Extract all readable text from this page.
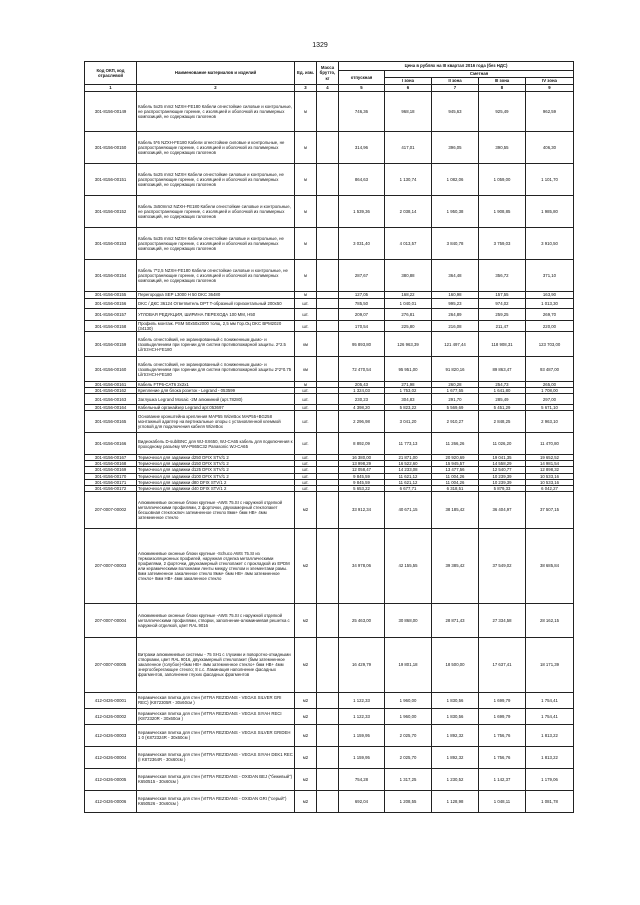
1329
Код ОКП, код отраслевой	Наименование материалов и изделий	Ед. изм.	Масса брутто, кг	Цена в рублях на III квартал 2016 года (без НДС)				
				отпускная	Сметная			
					I зона	II зона	III зона	IV зона
1	2	3	4	5	6	7	8	9
301-8156-00149	Кабель 5x25 mm2 NZXH-FE180 Кабели огнестойкие силовые и контрольные, не распространяющие горение, с изоляцией и оболочкой из полимерных композиций, не содержащих галогенов	м		746,36	968,18	945,63	925,49	962,59
301-8156-00150	Кабель 5*6 NZXH-FE180 Кабели огнестойкие силовые и контрольные, не распространяющие горение, с изоляцией и оболочкой из полимерных композиций, не содержащих галогенов	м		314,96	417,01	396,05	390,55	406,30
301-8156-00151	Кабель 5x25 mm2 NZXH Кабели огнестойкие силовые и контрольные, не распространяющие горение, с изоляцией и оболочкой из полимерных композиций, не содержащих галогенов	м		864,63	1 130,74	1 082,06	1 059,00	1 101,70
301-8156-00152	Кабель 3x50mm2 NZXH-FE180 Кабели огнестойкие силовые и контрольные, не распространяющие горение, с изоляцией и оболочкой из полимерных композиций, не содержащих галогенов	м		1 539,36	2 038,14	1 950,38	1 908,85	1 985,80
301-8156-00153	Кабель 5x35 mm2 NZXH Кабели огнестойкие силовые и контрольные, не распространяющие горение, с изоляцией и оболочкой из полимерных композиций, не содержащих галогенов	м		3 031,40	4 013,57	3 840,78	3 759,03	3 910,50
301-8156-00154	Кабель 7*2,5 NZXH-FE180 Кабели огнестойкие силовые и контрольные, не распространяющие горение, с изоляцией и оболочкой из полимерных композиций, не содержащих галогенов	м		287,67	380,88	364,48	356,72	371,10
301-8156-00155	Перегородка SEP L3000 H 50 DKC 36480	м		127,05	168,22	160,98	157,55	163,90
301-8156-00156	DKC / ДКС 36124 Ответвитель DPT T-образный горизонтальный 200x50	шт.		785,50	1 040,01	995,23	974,02	1 013,30
301-8156-00157	УГЛОВАЯ РЕДУКЦИЯ, ШИРИНА ПЕРЕХОДА 100 MM, H50	шт.		209,07	276,81	264,89	259,25	269,70
301-8156-00158	Профиль монтаж. PSM 50x50x2000 толщ. 2,5 мм Гор.Оц DKC BPM2020 (34130)	шт.		170,54	225,80	216,08	211,47	220,00
301-8156-00159	Кабель огнестойкий, не экранированный с пониженным дымо- и газовыделением при горении для систем противопожарной защиты. 2*2.5 LilrtrzHCH-FE180	км		95 893,80	126 963,39	121 497,44	118 908,31	123 703,00
301-8156-00160	Кабель огнестойкий, не экранированный с пониженным дымо- и газовыделением при горении для систем противопожарной защиты 2*2*0.75 LilrtrzHCH-FE180	км		72 470,54	95 951,00	91 820,16	89 863,47	93 487,00
301-8156-00161	Кабель FTP6-CAT6 2x2x1	м		205,43	271,98	260,28	254,73	265,00
301-8156-00162	Крепление для блока розеток - Legrand - 053599	шт.		1 324,03	1 753,02	1 677,55	1 641,80	1 708,00
301-8156-00163	Заглушка Legrand Mosaic -2М алюминий (арт.78280)	шт.		230,23	304,83	291,70	285,49	297,00
301-8156-00164	Кабельный органайзер Legrand арт.053697	шт.		4 398,20	5 823,22	5 569,69	5 451,29	5 671,10
301-8156-00165	Основание кронштейна крепления MAP55 WizeBox MAP55+BG258 монтажный адаптер на вертикальные опоры с установленной клеммой угловой для подключения кабеля WizeBox	шт.		2 296,98	3 041,20	2 910,27	2 848,25	2 963,10
301-8156-00166	Видеокабель D-sub/BNC для WJ-SX650, WJ-CA65 кабель для подключения к проходному разъёму WV-P865C32 Panasonic WJ-CA65	шт.		8 892,09	11 773,13	11 266,26	11 026,20	11 470,80
301-8156-00167	Термочехол для задвижки d250 DFIX STV/1 2	шт.		16 380,00	21 871,00	20 920,69	19 041,35	19 652,52
301-8156-00168	Термочехол для задвижки d150 DFIX STV/1 2	шт.		13 998,29	16 522,60	15 945,57	14 558,29	14 981,54
301-8156-00169	Термочехол для задвижки d125 DFIX STV/1 2	шт.		12 058,47	14 233,08	13 477,56	12 540,77	12 898,32
301-8156-00170	Термочехол для задвижки d100 DFIX STV/1 2	шт.		9 845,59	11 621,12	11 004,26	10 239,39	10 533,16
301-8156-00171	Термочехол для задвижки d80 DFIX STV/1 2	шт.		9 845,59	11 621,12	11 004,26	10 239,39	10 533,16
301-8156-00172	Термочехол для задвижки d40 DFIX STV/1 2	шт.		5 653,22	6 677,71	6 318,51	5 879,33	6 042,27
207-0007-00002	Алюминиевые оконные блоки крупные -AWS 75.SI с наружной отделкой металлическими профилями, 2 форточки, двухкамерный стеклопакет бесшовная стеклоключ затемненное стекло 8мм+ бмм НВ+ 4мм затемненное стекло	м2		33 912,34	40 671,15	38 185,42	36 404,97	37 507,15
207-0007-00003	Алюминиевые оконные блоки крупные -Schuco AWS 75.SI из термоизоляционных профилей, наружная отделка металлическими профилями, 2 форточки, двухкамерный стеклопакет с прокладкой из EPDM или керамическими волокнами ленты между стеклом и элементами рамы. 6мм затемненное закаленное стекло 8мм+ бмм НВ+ 4мм затемненное стекло+ 8мм НВ+ 4мм закаленное стекло	м2		34 978,06	42 155,55	39 385,42	37 549,02	38 685,84
207-0007-00004	Алюминиевые оконные блоки крупные -AWS 75.SI с наружной отделкой металлическими профилями, створки, заполнение-алюминиевая решетка с наружной отделкой, цвет RAL 9016	м2		25 463,00	30 868,00	28 871,43	27 334,58	28 162,15
207-0007-00005	Витражи алюминиевые системы - 75 SH1 с глухими и поворотно-откидными створками, цвет RAL 9016, двухкамерный стеклопакет (бмм затемненное закаленное (голубое)+бмм НВ+ 4мм затемненное стекло+ бмм НВ+ 4мм энергосберегающее стекло; 8 с.с. Ламинация наполнение фасадных фрагментов, заполнение глухих фасадных фрагментов	м2		16 429,79	19 801,18	18 500,00	17 637,41	18 171,39
412-0426-00001	Керамическая плитка для стен (VITRA REZIDANS - VEGAS SILVER GRI REC) (K872305R - 30x60см )	м2		1 122,33	1 960,00	1 830,56	1 699,79	1 754,41
412-0426-00002	Керамическая плитка для стен (VITRA REZIDANS - VEGAS SIYAH RECI (K872320R - 30x60см )	м2		1 122,33	1 960,00	1 830,56	1 699,79	1 754,41
412-0426-00003	Керамическая плитка для стен (VITRA REZIDANS - VEGAS SILVER GRIDEH 1 0 (K872324R - 30x60см )	м2		1 159,95	2 025,70	1 892,32	1 756,76	1 813,22
412-0426-00004	Керамическая плитка для стен (VITRA REZIDANS - VEGAS SIYAH DEK1 REC (I K872364R - 30x60см )	м2		1 159,95	2 025,70	1 892,32	1 756,76	1 813,22
412-0426-00005	Керамическая плитка для стен (VITRA REZIDANS - OXIDAN BEJ ("бежевый") K650515 - 30x60см )	м2		754,28	1 317,25	1 230,52	1 142,37	1 179,06
412-0426-00006	Керамическая плитка для стен (VITRA REZIDANS - OXIDAN GRI ("серый") K650526 - 30x60см )	м2		692,04	1 208,55	1 128,98	1 048,11	1 081,78
